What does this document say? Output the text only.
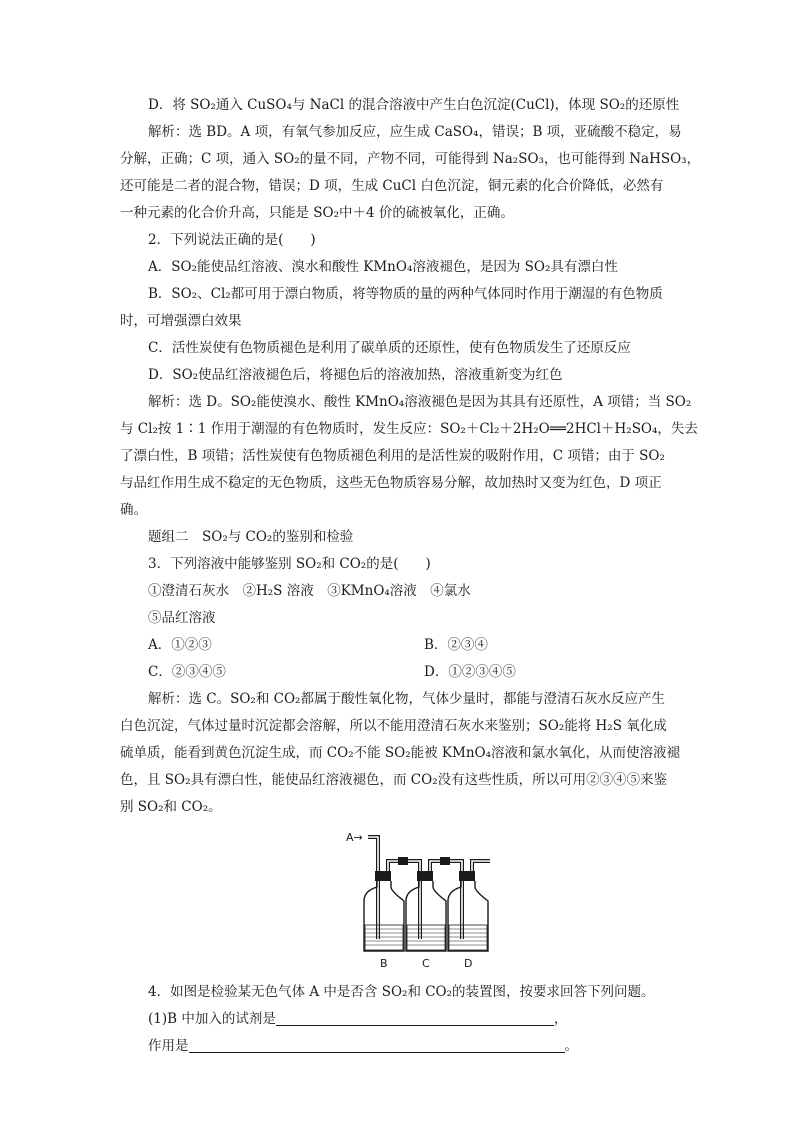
D．将 SO₂通入 CuSO₄与 NaCl 的混合溶液中产生白色沉淀(CuCl)，体现 SO₂的还原性

解析：选 BD。A 项，有氧气参加反应，应生成 CaSO₄，错误；B 项，亚硫酸不稳定，易

分解，正确；C 项，通入 SO₂的量不同，产物不同，可能得到 Na₂SO₃，也可能得到 NaHSO₃，

还可能是二者的混合物，错误；D 项，生成 CuCl 白色沉淀，铜元素的化合价降低，必然有

一种元素的化合价升高，只能是 SO₂中＋4 价的硫被氧化，正确。

2．下列说法正确的是(　　)

A．SO₂能使品红溶液、溴水和酸性 KMnO₄溶液褪色，是因为 SO₂具有漂白性

B．SO₂、Cl₂都可用于漂白物质，将等物质的量的两种气体同时作用于潮湿的有色物质

时，可增强漂白效果

C．活性炭使有色物质褪色是利用了碳单质的还原性，使有色物质发生了还原反应

D．SO₂使品红溶液褪色后，将褪色后的溶液加热，溶液重新变为红色

解析：选 D。SO₂能使溴水、酸性 KMnO₄溶液褪色是因为其具有还原性，A 项错；当 SO₂

与 Cl₂按 1∶1 作用于潮湿的有色物质时，发生反应：SO₂＋Cl₂＋2H₂O══2HCl＋H₂SO₄，失去

了漂白性，B 项错；活性炭使有色物质褪色利用的是活性炭的吸附作用，C 项错；由于 SO₂

与品红作用生成不稳定的无色物质，这些无色物质容易分解，故加热时又变为红色，D 项正

确。

题组二　SO₂与 CO₂的鉴别和检验

3．下列溶液中能够鉴别 SO₂和 CO₂的是(　　)

①澄清石灰水　②H₂S 溶液　③KMnO₄溶液　④氯水

⑤品红溶液

A．①②③	B．②③④

C．②③④⑤	D．①②③④⑤

解析：选 C。SO₂和 CO₂都属于酸性氧化物，气体少量时，都能与澄清石灰水反应产生

白色沉淀，气体过量时沉淀都会溶解，所以不能用澄清石灰水来鉴别；SO₂能将 H₂S 氧化成

硫单质，能看到黄色沉淀生成，而 CO₂不能 SO₂能被 KMnO₄溶液和氯水氧化，从而使溶液褪

色，且 SO₂具有漂白性，能使品红溶液褪色，而 CO₂没有这些性质，所以可用②③④⑤来鉴

别 SO₂和 CO₂。

A→
B	C	D

4．如图是检验某无色气体 A 中是否含 SO₂和 CO₂的装置图，按要求回答下列问题。

(1)B 中加入的试剂是	，

作用是	。
